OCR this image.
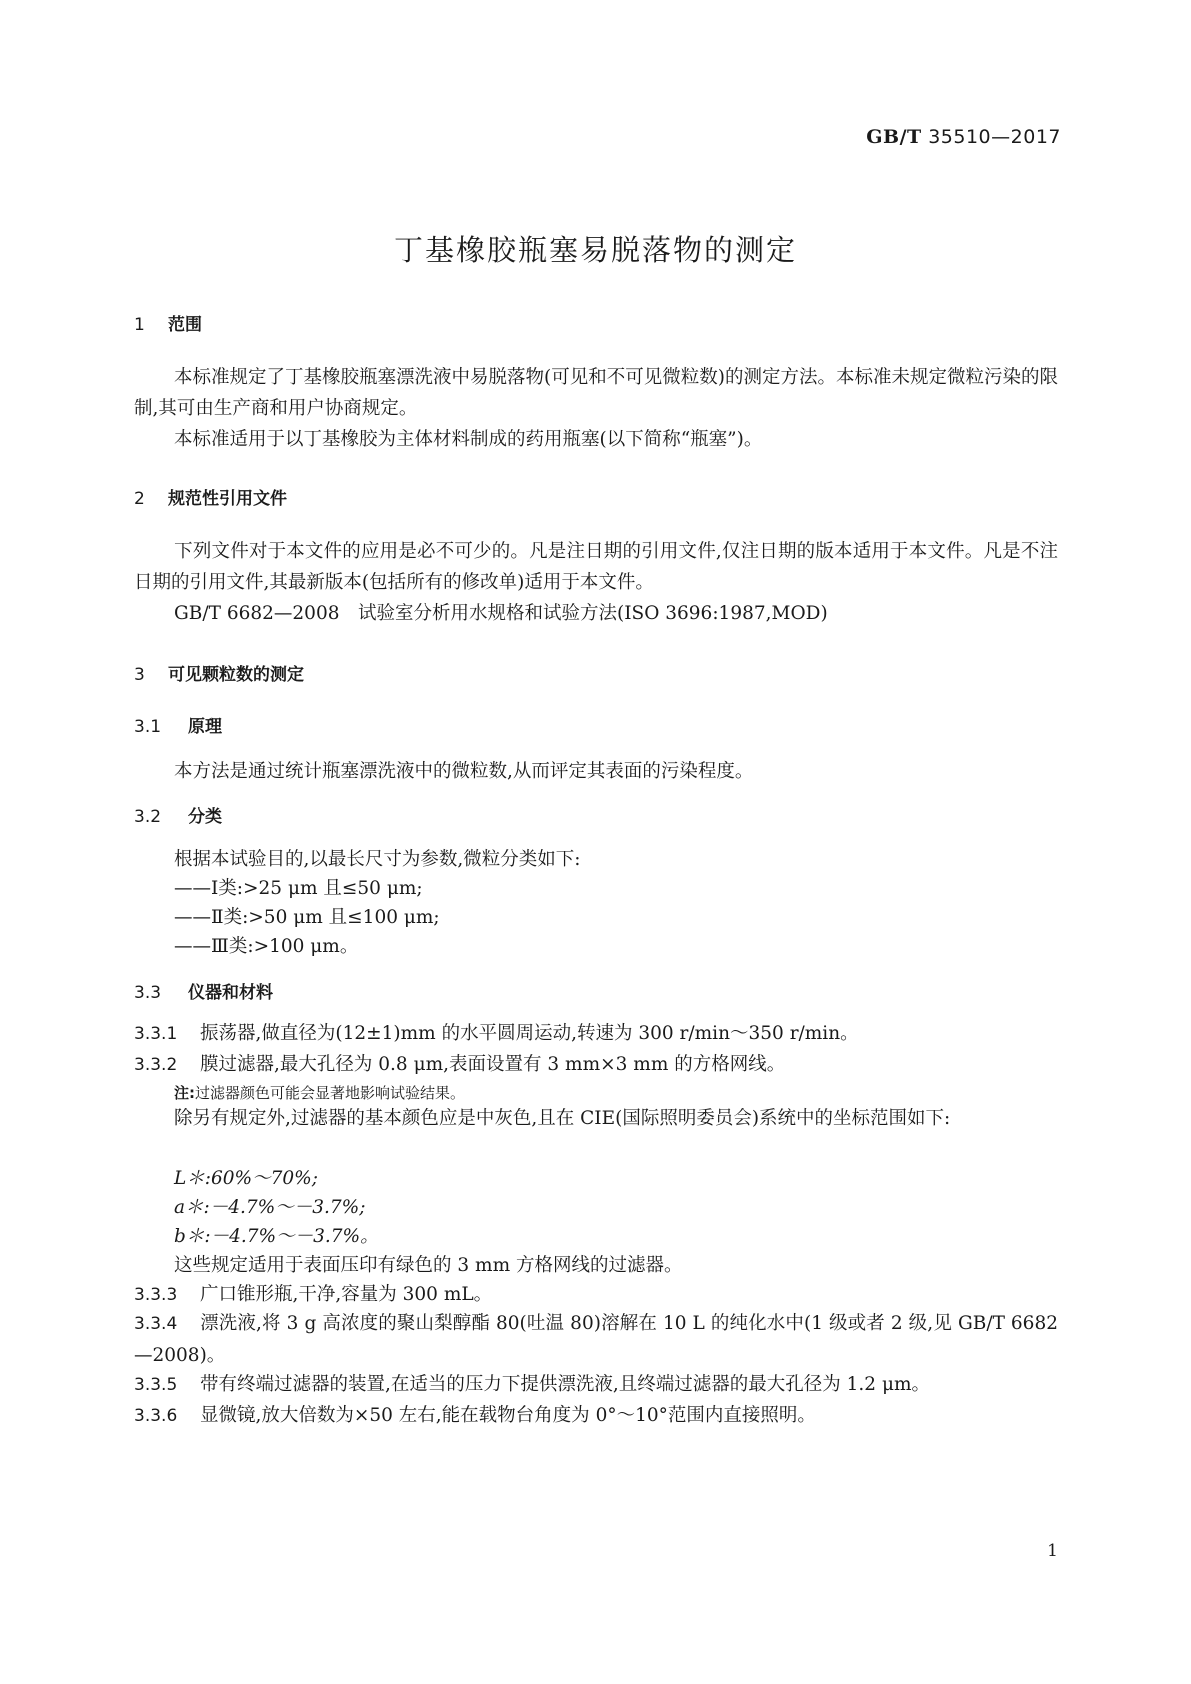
GB/T 35510—2017
丁基橡胶瓶塞易脱落物的测定
1 范围
本标准规定了丁基橡胶瓶塞漂洗液中易脱落物(可见和不可见微粒数)的测定方法。本标准未规定微粒污染的限制,其可由生产商和用户协商规定。
本标准适用于以丁基橡胶为主体材料制成的药用瓶塞(以下简称“瓶塞”)。
2 规范性引用文件
下列文件对于本文件的应用是必不可少的。凡是注日期的引用文件,仅注日期的版本适用于本文件。凡是不注日期的引用文件,其最新版本(包括所有的修改单)适用于本文件。
GB/T 6682—2008　试验室分析用水规格和试验方法(ISO 3696:1987,MOD)
3 可见颗粒数的测定
3.1 原理
本方法是通过统计瓶塞漂洗液中的微粒数,从而评定其表面的污染程度。
3.2 分类
根据本试验目的,以最长尺寸为参数,微粒分类如下:
——Ⅰ类:>25 μm 且≤50 μm;
——Ⅱ类:>50 μm 且≤100 μm;
——Ⅲ类:>100 μm。
3.3 仪器和材料
3.3.1 振荡器,做直径为(12±1)mm 的水平圆周运动,转速为 300 r/min～350 r/min。
3.3.2 膜过滤器,最大孔径为 0.8 μm,表面设置有 3 mm×3 mm 的方格网线。
注:过滤器颜色可能会显著地影响试验结果。
除另有规定外,过滤器的基本颜色应是中灰色,且在 CIE(国际照明委员会)系统中的坐标范围如下:
L＊:60%～70%;
a＊:－4.7%～－3.7%;
b＊:－4.7%～－3.7%。
这些规定适用于表面压印有绿色的 3 mm 方格网线的过滤器。
3.3.3 广口锥形瓶,干净,容量为 300 mL。
3.3.4 漂洗液,将 3 g 高浓度的聚山梨醇酯 80(吐温 80)溶解在 10 L 的纯化水中(1 级或者 2 级,见 GB/T 6682—2008)。
3.3.5 带有终端过滤器的装置,在适当的压力下提供漂洗液,且终端过滤器的最大孔径为 1.2 μm。
3.3.6 显微镜,放大倍数为×50 左右,能在载物台角度为 0°～10°范围内直接照明。
1
